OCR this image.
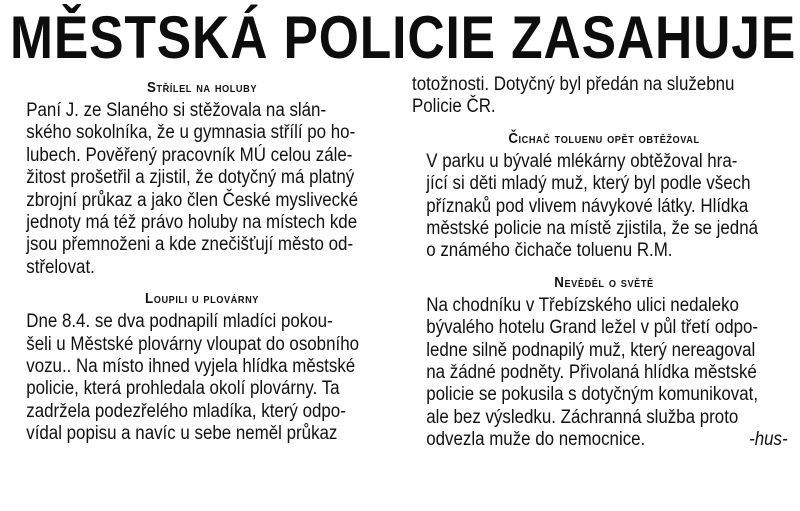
MĚSTSKÁ POLICIE ZASAHUJE
Střílel na holuby
Paní J. ze Slaného si stěžovala na slán-
ského sokolníka, že u gymnasia střílí po ho-
lubech. Pověřený pracovník MÚ celou zále-
žitost prošetřil a zjistil, že dotyčný má platný
zbrojní průkaz a jako člen České myslivecké
jednoty má též právo holuby na místech kde
jsou přemnoženi a kde znečišťují město od-
střelovat.
Loupili u plovárny
Dne 8.4. se dva podnapilí mladíci pokou-
šeli u Městské plovárny vloupat do osobního
vozu.. Na místo ihned vyjela hlídka městské
policie, která prohledala okolí plovárny. Ta
zadržela podezřelého mladíka, který odpo-
vídal popisu a navíc u sebe neměl průkaz
totožnosti. Dotyčný byl předán na služebnu
Policie ČR.
Čichač toluenu opět obtěžoval
V parku u bývalé mlékárny obtěžoval hra-
jící si děti mladý muž, který byl podle všech
příznaků pod vlivem návykové látky. Hlídka
městské policie na místě zjistila, že se jedná
o známého čichače toluenu R.M.
Nevěděl o světě
Na chodníku v Třebízského ulici nedaleko
bývalého hotelu Grand ležel v půl třetí odpo-
ledne silně podnapilý muž, který nereagoval
na žádné podněty. Přivolaná hlídka městské
policie se pokusila s dotyčným komunikovat,
ale bez výsledku. Záchranná služba proto
odvezla muže do nemocnice.	-hus-
